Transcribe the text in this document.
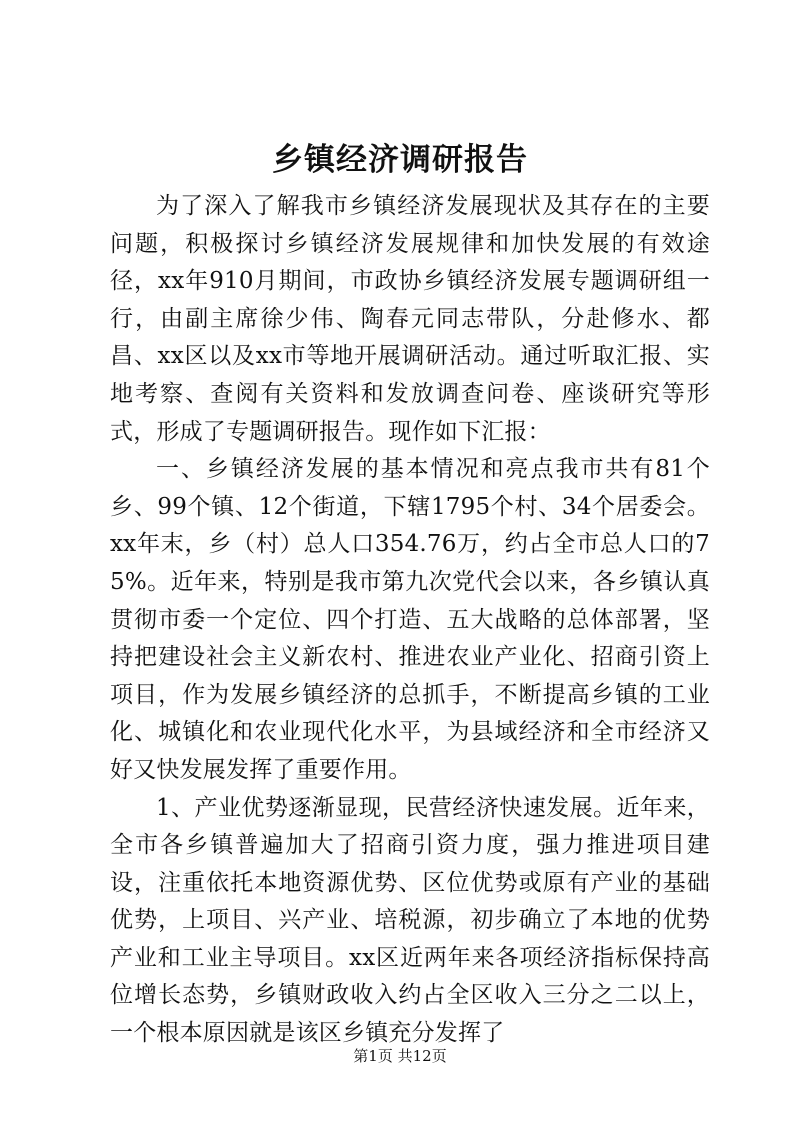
乡镇经济调研报告

为了深入了解我市乡镇经济发展现状及其存在的主要问题，积极探讨乡镇经济发展规律和加快发展的有效途径，xx年910月期间，市政协乡镇经济发展专题调研组一行，由副主席徐少伟、陶春元同志带队，分赴修水、都昌、xx区以及xx市等地开展调研活动。通过听取汇报、实地考察、查阅有关资料和发放调查问卷、座谈研究等形式，形成了专题调研报告。现作如下汇报：

一、乡镇经济发展的基本情况和亮点我市共有81个乡、99个镇、12个街道，下辖1795个村、34个居委会。xx年末，乡（村）总人口354.76万，约占全市总人口的75%。近年来，特别是我市第九次党代会以来，各乡镇认真贯彻市委一个定位、四个打造、五大战略的总体部署，坚持把建设社会主义新农村、推进农业产业化、招商引资上项目，作为发展乡镇经济的总抓手，不断提高乡镇的工业化、城镇化和农业现代化水平，为县域经济和全市经济又好又快发展发挥了重要作用。

1、产业优势逐渐显现，民营经济快速发展。近年来，全市各乡镇普遍加大了招商引资力度，强力推进项目建设，注重依托本地资源优势、区位优势或原有产业的基础优势，上项目、兴产业、培税源，初步确立了本地的优势产业和工业主导项目。xx区近两年来各项经济指标保持高位增长态势，乡镇财政收入约占全区收入三分之二以上，一个根本原因就是该区乡镇充分发挥了

第1页 共12页
